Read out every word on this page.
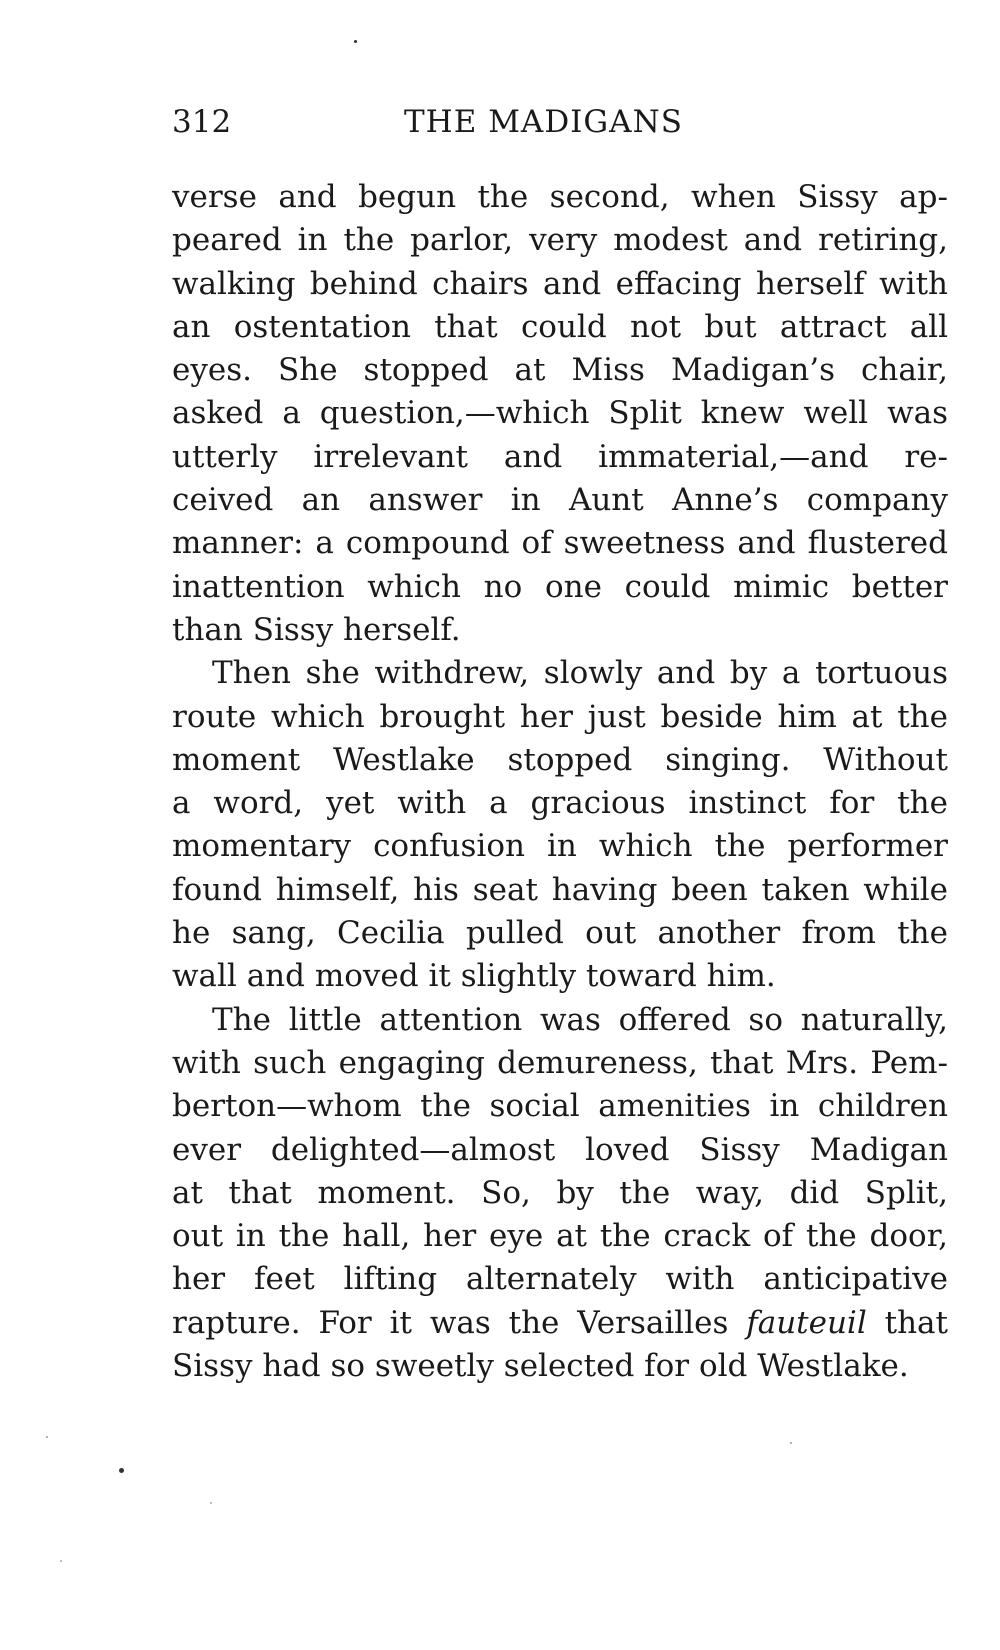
312	THE MADIGANS
verse and begun the second, when Sissy ap-
peared in the parlor, very modest and retiring,
walking behind chairs and effacing herself with
an ostentation that could not but attract all
eyes. She stopped at Miss Madigan’s chair,
asked a question,—which Split knew well was
utterly irrelevant and immaterial,—and re-
ceived an answer in Aunt Anne’s company
manner: a compound of sweetness and flustered
inattention which no one could mimic better
than Sissy herself.
Then she withdrew, slowly and by a tortuous
route which brought her just beside him at the
moment Westlake stopped singing. Without
a word, yet with a gracious instinct for the
momentary confusion in which the performer
found himself, his seat having been taken while
he sang, Cecilia pulled out another from the
wall and moved it slightly toward him.
The little attention was offered so naturally,
with such engaging demureness, that Mrs. Pem-
berton—whom the social amenities in children
ever delighted—almost loved Sissy Madigan
at that moment. So, by the way, did Split,
out in the hall, her eye at the crack of the door,
her feet lifting alternately with anticipative
rapture. For it was the Versailles fauteuil that
Sissy had so sweetly selected for old Westlake.
